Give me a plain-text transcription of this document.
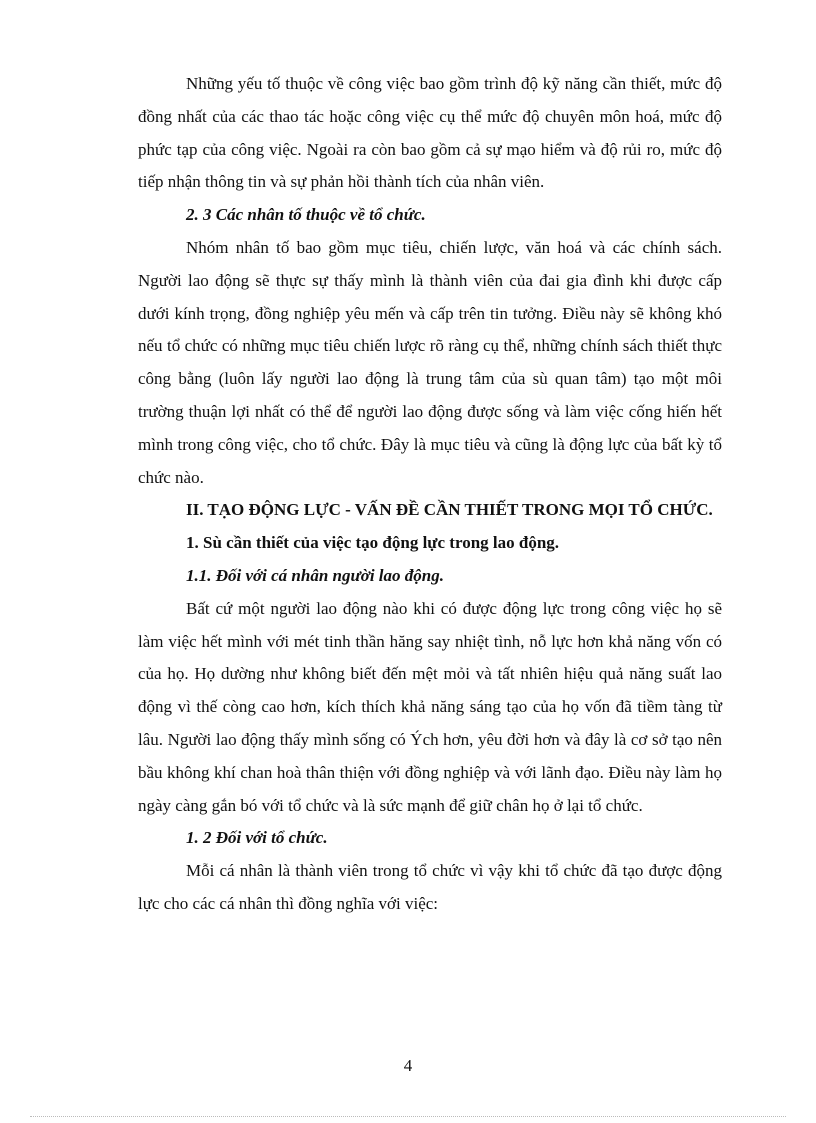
Những yếu tố thuộc về công việc bao gồm trình độ kỹ năng cần thiết, mức độ đồng nhất của các thao tác hoặc công việc cụ thể mức độ chuyên môn hoá, mức độ phức tạp của công việc. Ngoài ra còn bao gồm cả sự mạo hiểm và độ rủi ro, mức độ tiếp nhận thông tin và sự phản hồi thành tích của nhân viên.

2. 3 Các nhân tố thuộc về tổ chức.

Nhóm nhân tố bao gồm mục tiêu, chiến lược, văn hoá và các chính sách. Người lao động sẽ thực sự thấy mình là thành viên của đai gia đình khi được cấp dưới kính trọng, đồng nghiệp yêu mến và cấp trên tin tưởng. Điều này sẽ không khó nếu tổ chức có những mục tiêu chiến lược rõ ràng cụ thể, những chính sách thiết thực công bằng (luôn lấy người lao động là trung tâm của sù quan tâm) tạo một môi trường thuận lợi nhất có thể để người lao động được sống và làm việc cống hiến hết mình trong công việc, cho tổ chức. Đây là mục tiêu và cũng là động lực của bất kỳ tổ chức nào.

II. TẠO ĐỘNG LỰC - VẤN ĐỀ CẦN THIẾT TRONG MỌI TỔ CHỨC.

1. Sù cần thiết của việc tạo động lực trong lao động.

1.1. Đối với cá nhân người lao động.

Bất cứ một người lao động nào khi có được động lực trong công việc họ sẽ làm việc hết mình với mét tinh thần hăng say nhiệt tình, nỗ lực hơn khả năng vốn có của họ. Họ dường như không biết đến mệt mỏi và tất nhiên hiệu quả năng suất lao động vì thế còng cao hơn, kích thích khả năng sáng tạo của họ vốn đã tiềm tàng từ lâu. Người lao động thấy mình sống có Ých hơn, yêu đời hơn và đây là cơ sở tạo nên bầu không khí chan hoà thân thiện với đồng nghiệp và với lãnh đạo. Điều này làm họ ngày càng gắn bó với tổ chức và là sức mạnh để giữ chân họ ở lại tổ chức.

1. 2 Đối với tổ chức.

Mỗi cá nhân là thành viên trong tổ chức vì vậy khi tổ chức đã tạo được động lực cho các cá nhân thì đồng nghĩa với việc:

4
